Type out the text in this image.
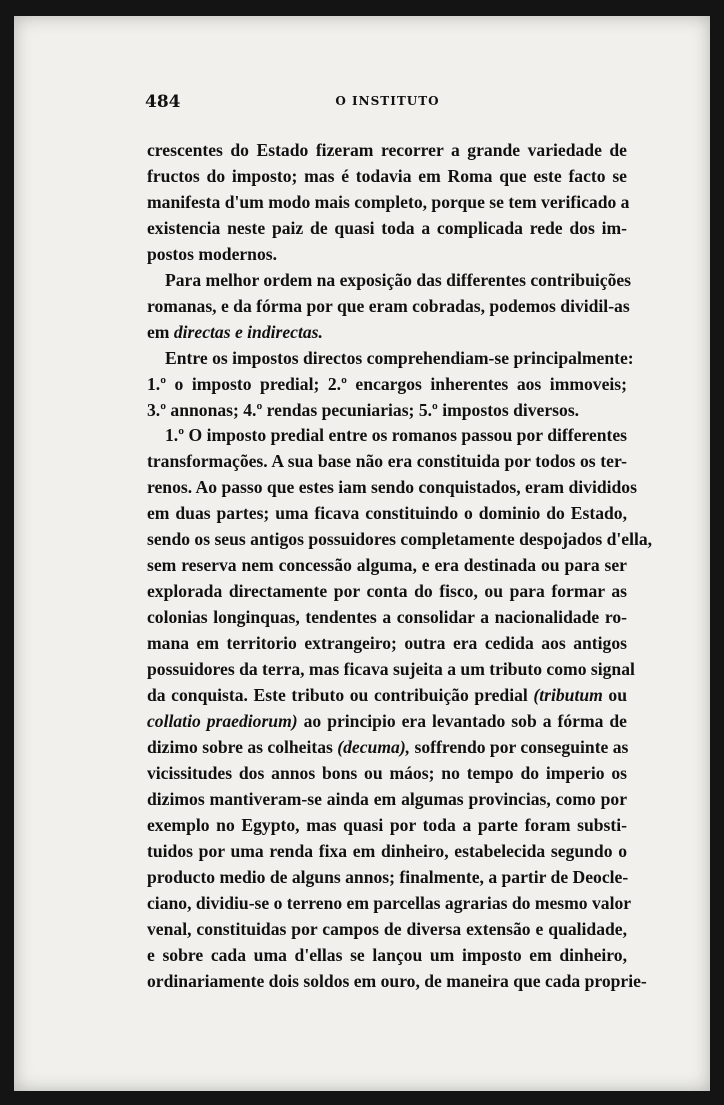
484	O INSTITUTO
crescentes do Estado fizeram recorrer a grande variedade de
fructos do imposto; mas é todavia em Roma que este facto se
manifesta d'um modo mais completo, porque se tem verificado a
existencia neste paiz de quasi toda a complicada rede dos im-
postos modernos.
Para melhor ordem na exposição das differentes contribuições
romanas, e da fórma por que eram cobradas, podemos dividil-as
em directas e indirectas.
Entre os impostos directos comprehendiam-se principalmente:
1.º o imposto predial; 2.º encargos inherentes aos immoveis;
3.º annonas; 4.º rendas pecuniarias; 5.º impostos diversos.
1.º O imposto predial entre os romanos passou por differentes
transformações. A sua base não era constituida por todos os ter-
renos. Ao passo que estes iam sendo conquistados, eram divididos
em duas partes; uma ficava constituindo o dominio do Estado,
sendo os seus antigos possuidores completamente despojados d'ella,
sem reserva nem concessão alguma, e era destinada ou para ser
explorada directamente por conta do fisco, ou para formar as
colonias longinquas, tendentes a consolidar a nacionalidade ro-
mana em territorio extrangeiro; outra era cedida aos antigos
possuidores da terra, mas ficava sujeita a um tributo como signal
da conquista. Este tributo ou contribuição predial (tributum ou
collatio praediorum) ao principio era levantado sob a fórma de
dizimo sobre as colheitas (decuma), soffrendo por conseguinte as
vicissitudes dos annos bons ou máos; no tempo do imperio os
dizimos mantiveram-se ainda em algumas provincias, como por
exemplo no Egypto, mas quasi por toda a parte foram substi-
tuidos por uma renda fixa em dinheiro, estabelecida segundo o
producto medio de alguns annos; finalmente, a partir de Deocle-
ciano, dividiu-se o terreno em parcellas agrarias do mesmo valor
venal, constituidas por campos de diversa extensão e qualidade,
e sobre cada uma d'ellas se lançou um imposto em dinheiro,
ordinariamente dois soldos em ouro, de maneira que cada proprie-
